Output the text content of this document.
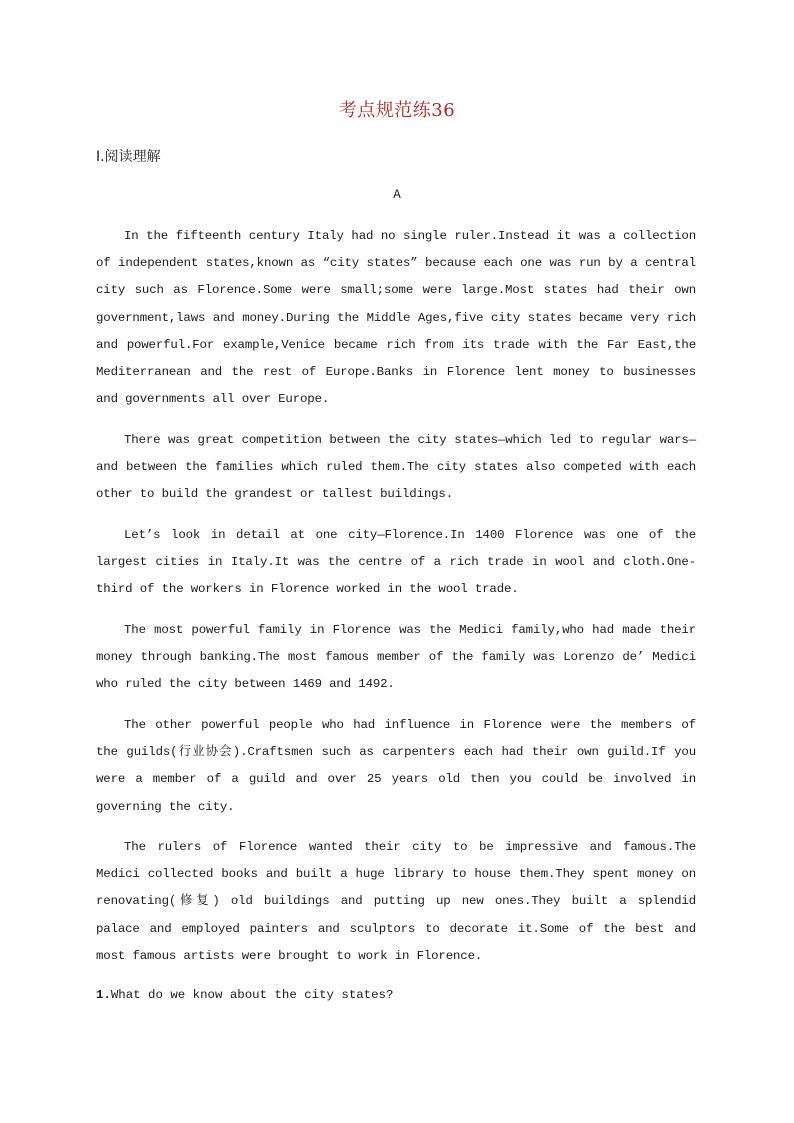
考点规范练36
Ⅰ.阅读理解
A

In the fifteenth century Italy had no single ruler.Instead it was a collection of independent states,known as “city states” because each one was run by a central city such as Florence.Some were small;some were large.Most states had their own government,laws and money.During the Middle Ages,five city states became very rich and powerful.For example,Venice became rich from its trade with the Far East,the Mediterranean and the rest of Europe.Banks in Florence lent money to businesses and governments all over Europe.

There was great competition between the city states—which led to regular wars—and between the families which ruled them.The city states also competed with each other to build the grandest or tallest buildings.

Let’s look in detail at one city—Florence.In 1400 Florence was one of the largest cities in Italy.It was the centre of a rich trade in wool and cloth.One-third of the workers in Florence worked in the wool trade.

The most powerful family in Florence was the Medici family,who had made their money through banking.The most famous member of the family was Lorenzo de’ Medici who ruled the city between 1469 and 1492.

The other powerful people who had influence in Florence were the members of the guilds(行业协会).Craftsmen such as carpenters each had their own guild.If you were a member of a guild and over 25 years old then you could be involved in governing the city.

The rulers of Florence wanted their city to be impressive and famous.The Medici collected books and built a huge library to house them.They spent money on renovating(修复) old buildings and putting up new ones.They built a splendid palace and employed painters and sculptors to decorate it.Some of the best and most famous artists were brought to work in Florence.

1.What do we know about the city states?
